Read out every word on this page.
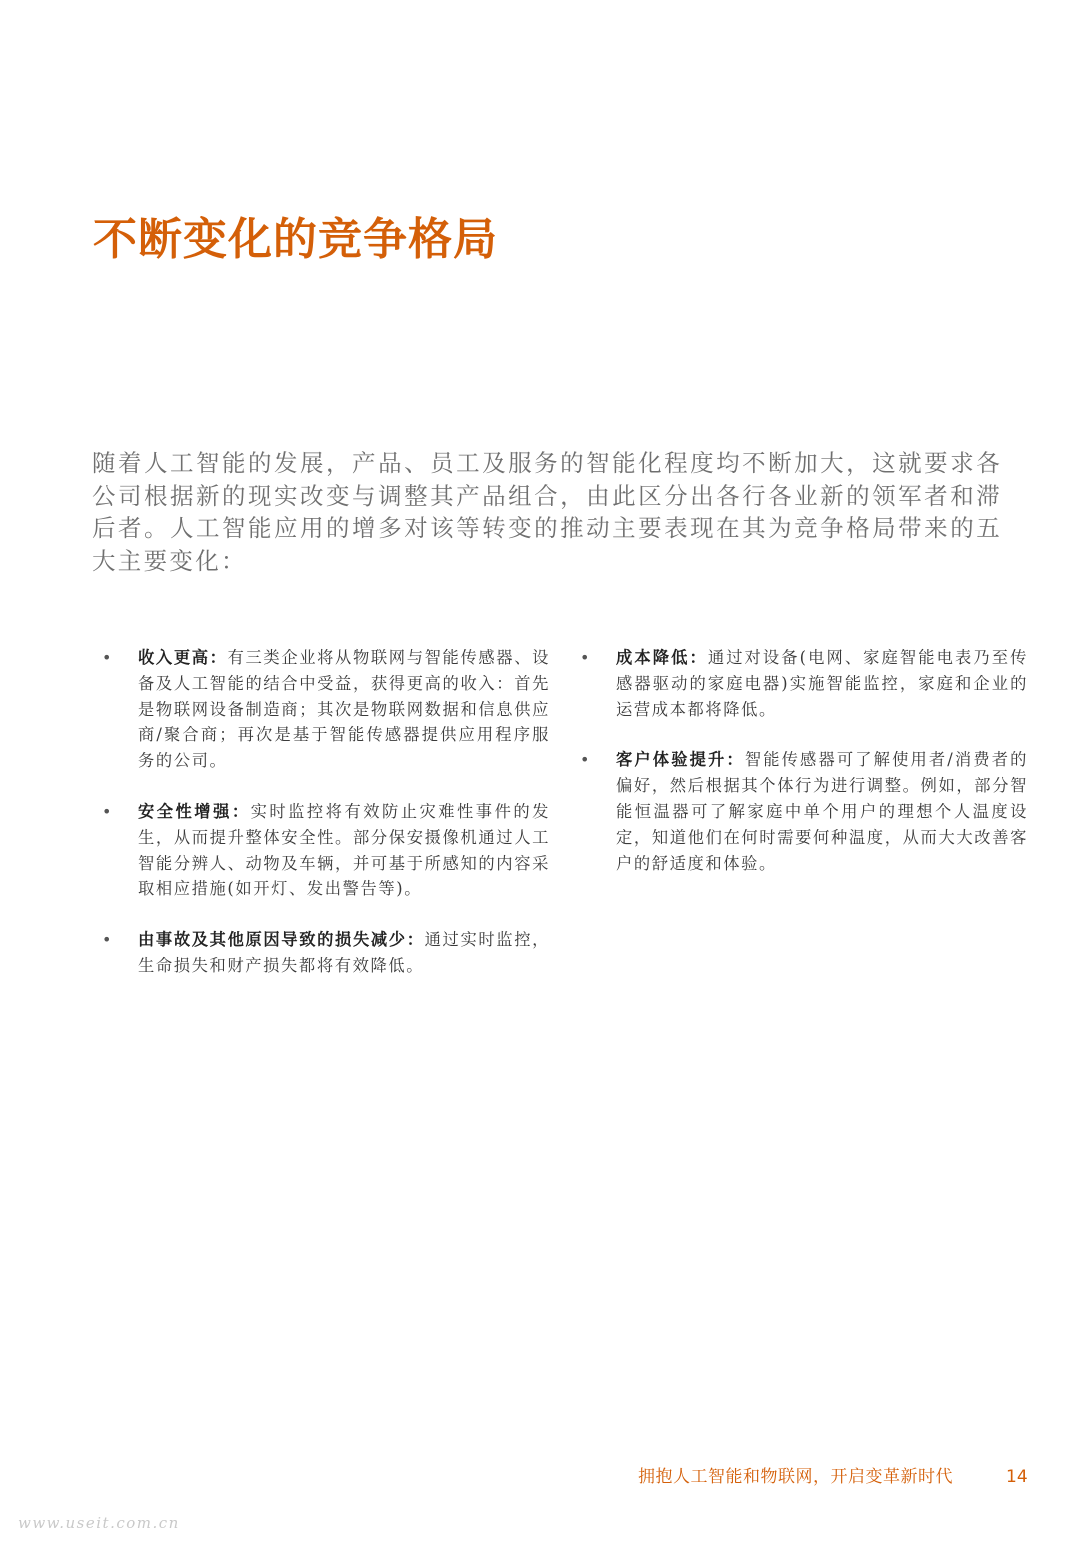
不断变化的竞争格局

随着人工智能的发展，产品、员工及服务的智能化程度均不断加大，这就要求各公司根据新的现实改变与调整其产品组合，由此区分出各行各业新的领军者和滞后者。人工智能应用的增多对该等转变的推动主要表现在其为竞争格局带来的五大主要变化：

• 收入更高：有三类企业将从物联网与智能传感器、设备及人工智能的结合中受益，获得更高的收入：首先是物联网设备制造商；其次是物联网数据和信息供应商/聚合商；再次是基于智能传感器提供应用程序服务的公司。
• 安全性增强：实时监控将有效防止灾难性事件的发生，从而提升整体安全性。部分保安摄像机通过人工智能分辨人、动物及车辆，并可基于所感知的内容采取相应措施(如开灯、发出警告等)。
• 由事故及其他原因导致的损失减少：通过实时监控，生命损失和财产损失都将有效降低。
• 成本降低：通过对设备(电网、家庭智能电表乃至传感器驱动的家庭电器)实施智能监控，家庭和企业的运营成本都将降低。
• 客户体验提升：智能传感器可了解使用者/消费者的偏好，然后根据其个体行为进行调整。例如，部分智能恒温器可了解家庭中单个用户的理想个人温度设定，知道他们在何时需要何种温度，从而大大改善客户的舒适度和体验。
拥抱人工智能和物联网，开启变革新时代	14
www.useit.com.cn
